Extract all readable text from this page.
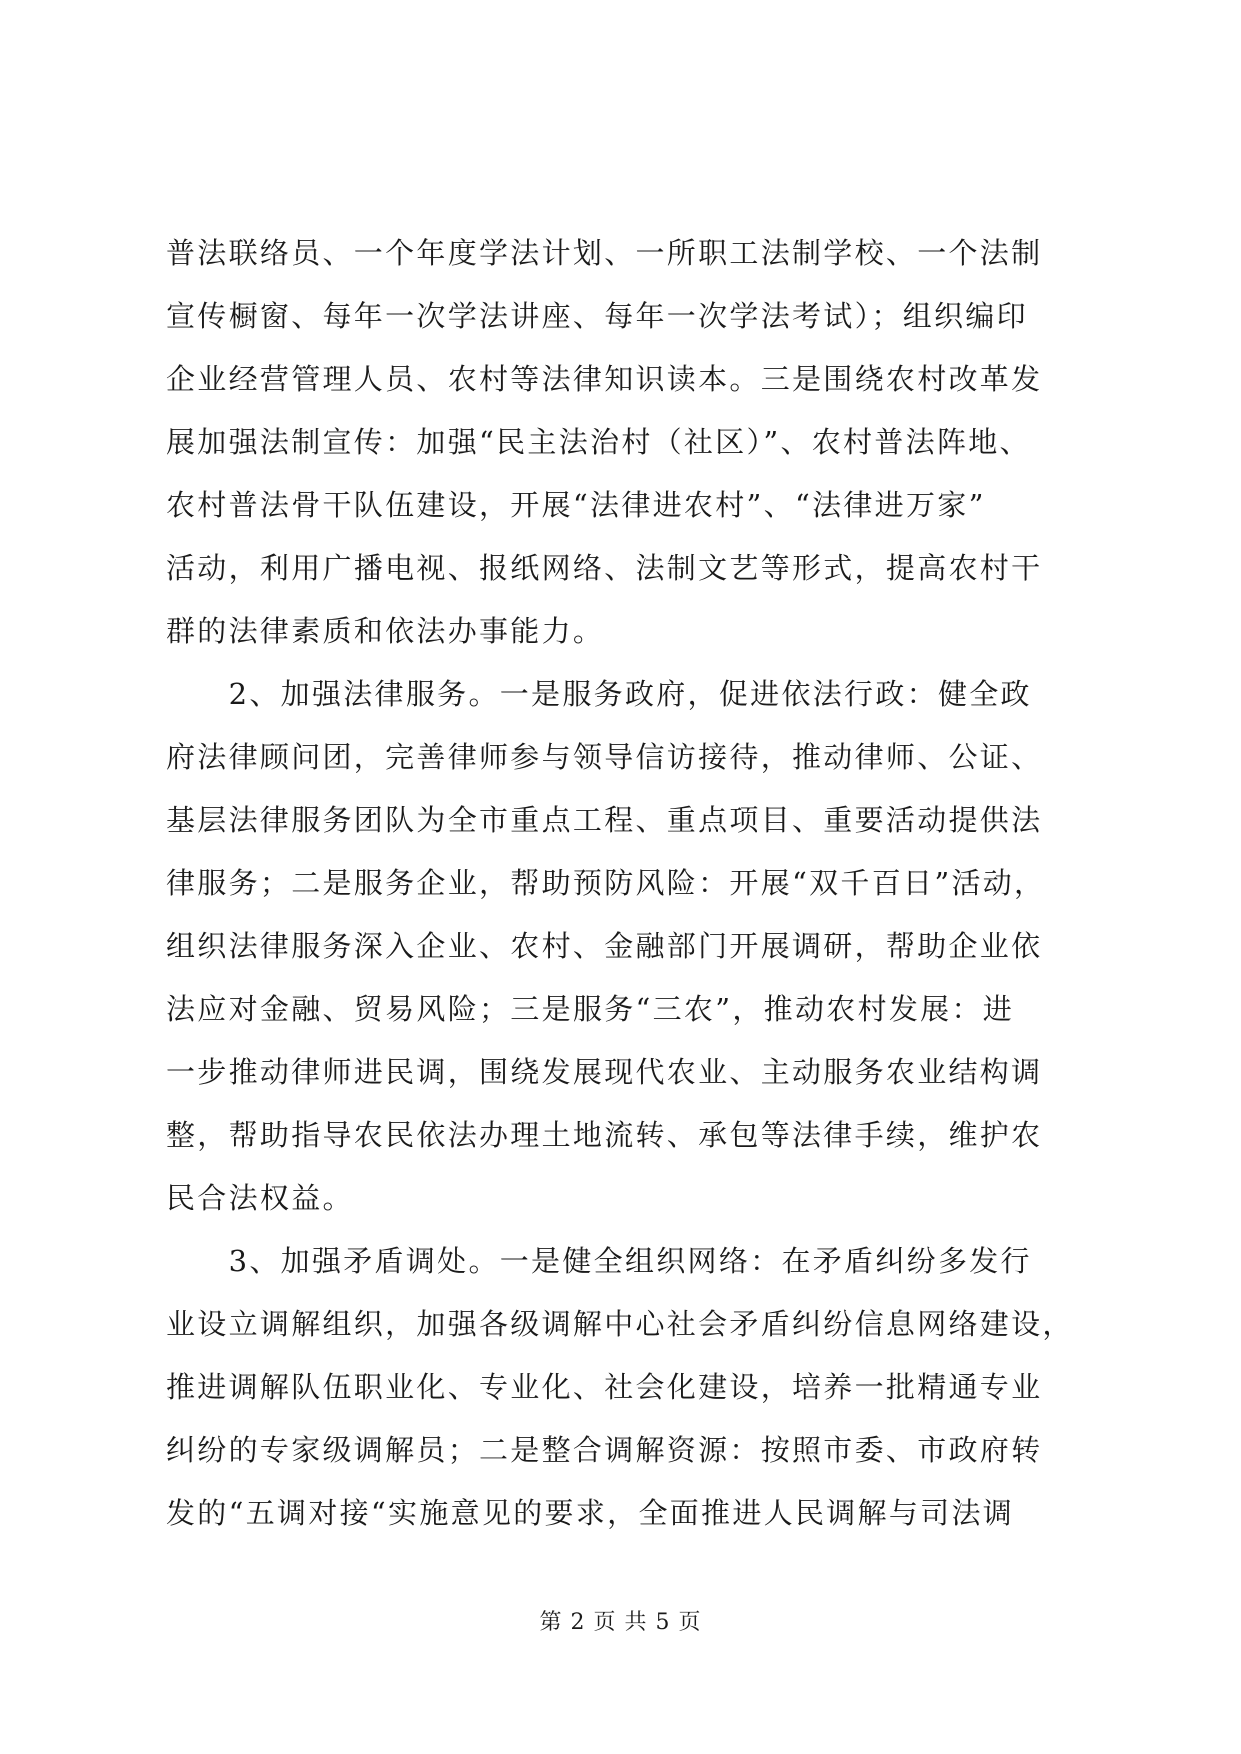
普法联络员、一个年度学法计划、一所职工法制学校、一个法制
宣传橱窗、每年一次学法讲座、每年一次学法考试）；组织编印
企业经营管理人员、农村等法律知识读本。三是围绕农村改革发
展加强法制宣传：加强“民主法治村（社区）”、农村普法阵地、
农村普法骨干队伍建设，开展“法律进农村”、“法律进万家”
活动，利用广播电视、报纸网络、法制文艺等形式，提高农村干
群的法律素质和依法办事能力。
　　2、加强法律服务。一是服务政府，促进依法行政：健全政
府法律顾问团，完善律师参与领导信访接待，推动律师、公证、
基层法律服务团队为全市重点工程、重点项目、重要活动提供法
律服务；二是服务企业，帮助预防风险：开展“双千百日”活动，
组织法律服务深入企业、农村、金融部门开展调研，帮助企业依
法应对金融、贸易风险；三是服务“三农”，推动农村发展：进
一步推动律师进民调，围绕发展现代农业、主动服务农业结构调
整，帮助指导农民依法办理土地流转、承包等法律手续，维护农
民合法权益。
　　3、加强矛盾调处。一是健全组织网络：在矛盾纠纷多发行
业设立调解组织，加强各级调解中心社会矛盾纠纷信息网络建设，
推进调解队伍职业化、专业化、社会化建设，培养一批精通专业
纠纷的专家级调解员；二是整合调解资源：按照市委、市政府转
发的“五调对接“实施意见的要求，全面推进人民调解与司法调
第 2 页 共 5 页
